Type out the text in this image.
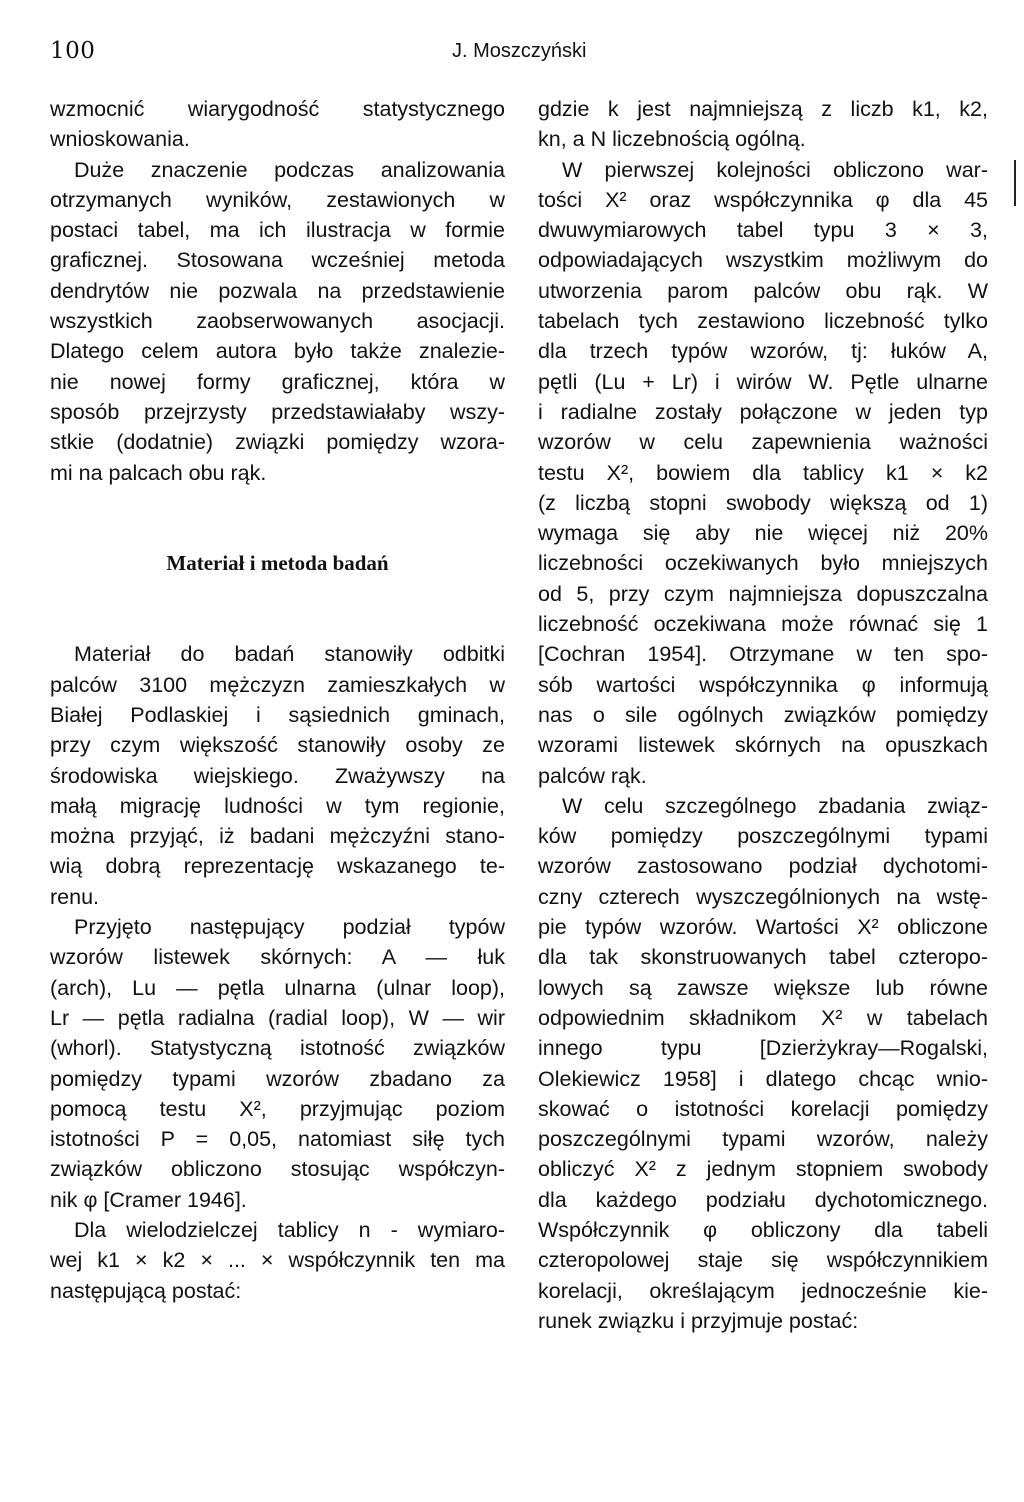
100	J. Moszczyński
wzmocnić wiarygodność statystycznego
wnioskowania.
Duże znaczenie podczas analizowania
otrzymanych wyników, zestawionych w
postaci tabel, ma ich ilustracja w formie
graficznej. Stosowana wcześniej metoda
dendrytów nie pozwala na przedstawienie
wszystkich zaobserwowanych asocjacji.
Dlatego celem autora było także znalezie-
nie nowej formy graficznej, która w
sposób przejrzysty przedstawiałaby wszy-
stkie (dodatnie) związki pomiędzy wzora-
mi na palcach obu rąk.
Materiał i metoda badań
Materiał do badań stanowiły odbitki
palców 3100 mężczyzn zamieszkałych w
Białej Podlaskiej i sąsiednich gminach,
przy czym większość stanowiły osoby ze
środowiska wiejskiego. Zważywszy na
małą migrację ludności w tym regionie,
można przyjąć, iż badani mężczyźni stano-
wią dobrą reprezentację wskazanego te-
renu.
Przyjęto następujący podział typów
wzorów listewek skórnych: A — łuk
(arch), Lu — pętla ulnarna (ulnar loop),
Lr — pętla radialna (radial loop), W — wir
(whorl). Statystyczną istotność związków
pomiędzy typami wzorów zbadano za
pomocą testu X², przyjmując poziom
istotności P = 0,05, natomiast siłę tych
związków obliczono stosując współczyn-
nik φ [Cramer 1946].
Dla wielodzielczej tablicy n - wymiaro-
wej k1 × k2 × ... × współczynnik ten ma
następującą postać:
gdzie k jest najmniejszą z liczb k1, k2,
kn, a N liczebnością ogólną.
W pierwszej kolejności obliczono war-
tości X² oraz współczynnika φ dla 45
dwuwymiarowych tabel typu 3 × 3,
odpowiadających wszystkim możliwym do
utworzenia parom palców obu rąk. W
tabelach tych zestawiono liczebność tylko
dla trzech typów wzorów, tj: łuków A,
pętli (Lu + Lr) i wirów W. Pętle ulnarne
i radialne zostały połączone w jeden typ
wzorów w celu zapewnienia ważności
testu X², bowiem dla tablicy k1 × k2
(z liczbą stopni swobody większą od 1)
wymaga się aby nie więcej niż 20%
liczebności oczekiwanych było mniejszych
od 5, przy czym najmniejsza dopuszczalna
liczebność oczekiwana może równać się 1
[Cochran 1954]. Otrzymane w ten spo-
sób wartości współczynnika φ informują
nas o sile ogólnych związków pomiędzy
wzorami listewek skórnych na opuszkach
palców rąk.
W celu szczególnego zbadania związ-
ków pomiędzy poszczególnymi typami
wzorów zastosowano podział dychotomi-
czny czterech wyszczególnionych na wstę-
pie typów wzorów. Wartości X² obliczone
dla tak skonstruowanych tabel czteropo-
lowych są zawsze większe lub równe
odpowiednim składnikom X² w tabelach
innego typu [Dzierżykray—Rogalski,
Olekiewicz 1958] i dlatego chcąc wnio-
skować o istotności korelacji pomiędzy
poszczególnymi typami wzorów, należy
obliczyć X² z jednym stopniem swobody
dla każdego podziału dychotomicznego.
Współczynnik φ obliczony dla tabeli
czteropolowej staje się współczynnikiem
korelacji, określającym jednocześnie kie-
runek związku i przyjmuje postać:
